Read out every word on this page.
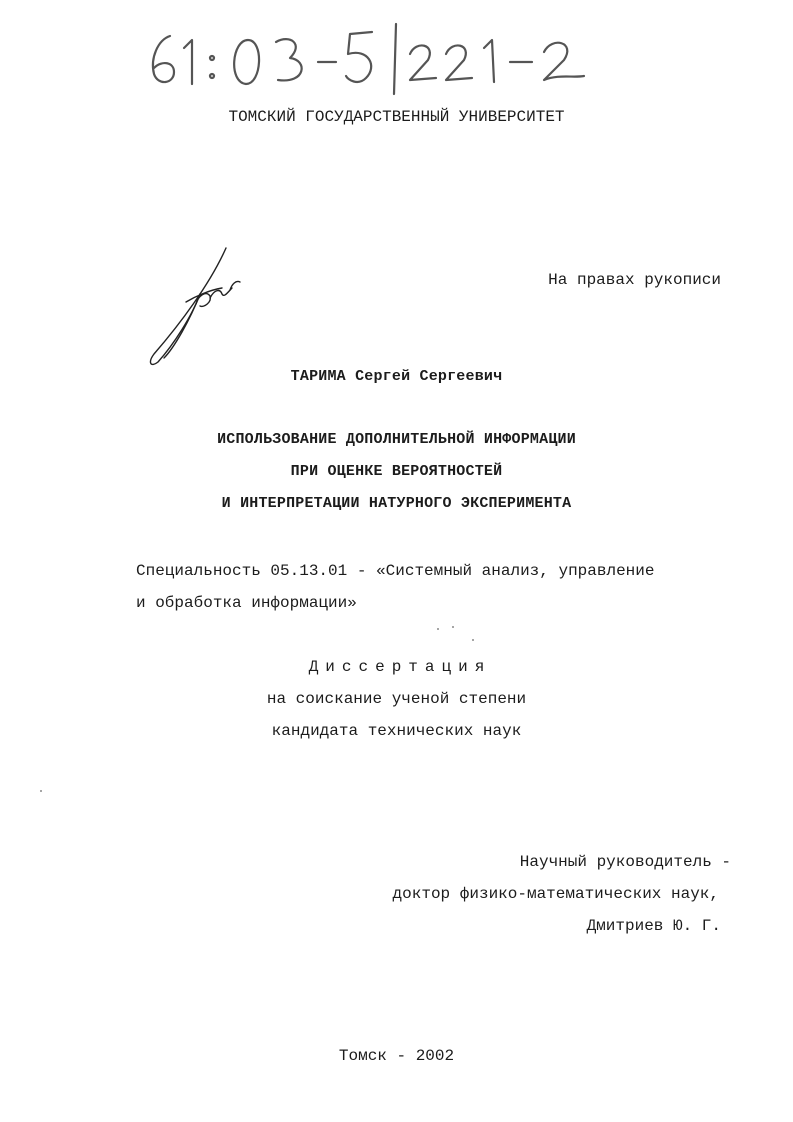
ТОМСКИЙ ГОСУДАРСТВЕННЫЙ УНИВЕРСИТЕТ
На правах рукописи
ТАРИМА Сергей Сергеевич
ИСПОЛЬЗОВАНИЕ ДОПОЛНИТЕЛЬНОЙ ИНФОРМАЦИИ
ПРИ ОЦЕНКЕ ВЕРОЯТНОСТЕЙ
И ИНТЕРПРЕТАЦИИ НАТУРНОГО ЭКСПЕРИМЕНТА
Специальность 05.13.01 - «Системный анализ, управление
и обработка информации»
Диссертация
на соискание ученой степени
кандидата технических наук
Научный руководитель -
доктор физико-математических наук,
Дмитриев Ю. Г.
Томск - 2002
